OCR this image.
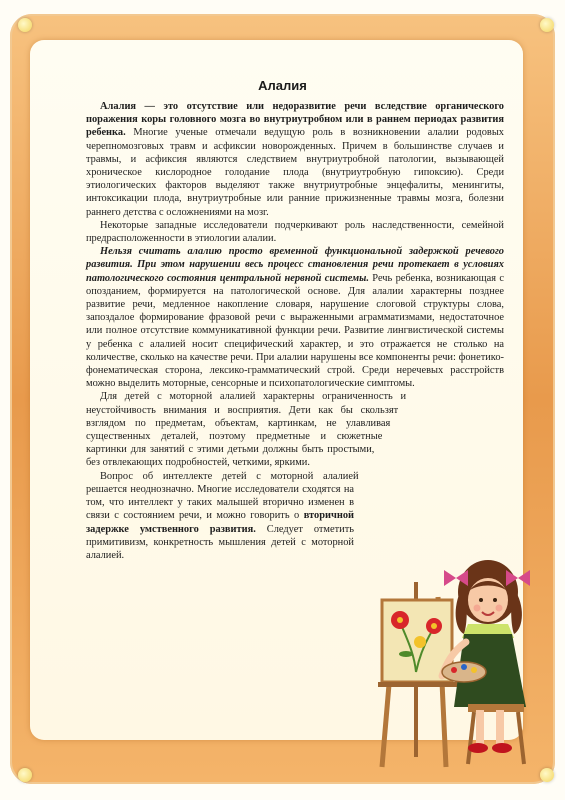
Алалия

Алалия — это отсутствие или недоразвитие речи вследствие органического поражения коры головного мозга во внутриутробном или в раннем периодах развития ребенка. Многие ученые отмечали ведущую роль в возникновении алалии родовых черепномозговых травм и асфиксии новорожденных. Причем в большинстве случаев и травмы, и асфиксия являются следствием внутриутробной патологии, вызывающей хроническое кислородное голодание плода (внутриутробную гипоксию). Среди этиологических факторов выделяют также внутриутробные энцефалиты, менингиты, интоксикации плода, внутриутробные или ранние прижизненные травмы мозга, болезни раннего детства с осложнениями на мозг.

Некоторые западные исследователи подчеркивают роль наследственности, семейной предрасположенности в этиологии алалии.

Нельзя считать алалию просто временной функциональной задержкой речевого развития. При этом нарушении весь процесс становления речи протекает в условиях патологического состояния центральной нервной системы. Речь ребенка, возникающая с опозданием, формируется на патологической основе. Для алалии характерны позднее развитие речи, медленное накопление словаря, нарушение слоговой структуры слова, запоздалое формирование фразовой речи с выраженными аграмматизмами, недостаточное или полное отсутствие коммуникативной функции речи. Развитие лингвистической системы у ребенка с алалией носит специфический характер, и это отражается не столько на количестве, сколько на качестве речи. При алалии нарушены все компоненты речи: фонетико-фонематическая сторона, лексико-грамматический строй. Среди неречевых расстройств можно выделить моторные, сенсорные и психопатологические симптомы.

Для детей с моторной алалией характерны ограниченность и неустойчивость внимания и восприятия. Дети как бы скользят взглядом по предметам, объектам, картинкам, не улавливая существенных деталей, поэтому предметные и сюжетные картинки для занятий с этими детьми должны быть простыми, без отвлекающих подробностей, четкими, яркими.

Вопрос об интеллекте детей с моторной алалией решается неоднозначно. Многие исследователи сходятся на том, что интеллект у таких малышей вторично изменен в связи с состоянием речи, и можно говорить о вторичной задержке умственного развития. Следует отметить примитивизм, конкретность мышления детей с моторной алалией.
